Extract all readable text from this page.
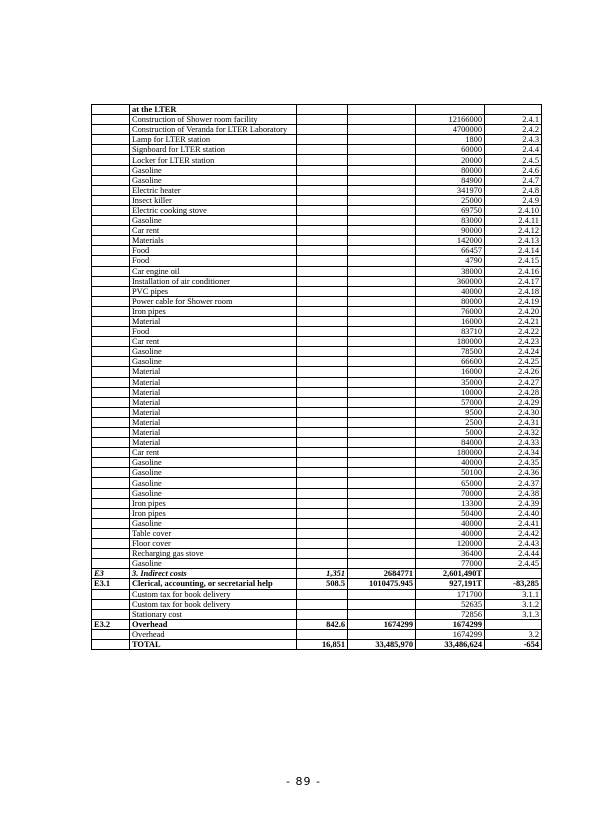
	at the LTER				
	Construction of Shower room facility			12166000	2.4.1
	Construction of Veranda for LTER Laboratory			4700000	2.4.2
	Lamp for LTER station			1800	2.4.3
	Signboard for LTER station			60000	2.4.4
	Locker for LTER station			20000	2.4.5
	Gasoline			80000	2.4.6
	Gasoline			84900	2.4.7
	Electric heater			341970	2.4.8
	Insect killer			25000	2.4.9
	Electric cooking stove			69750	2.4.10
	Gasoline			83000	2.4.11
	Car rent			90000	2.4.12
	Materials			142000	2.4.13
	Food			66457	2.4.14
	Food			4790	2.4.15
	Car engine oil			38000	2.4.16
	Installation of air conditioner			360000	2.4.17
	PVC pipes			40000	2.4.18
	Power cable for Shower room			80000	2.4.19
	Iron pipes			76000	2.4.20
	Material			16000	2.4.21
	Food			83710	2.4.22
	Car rent			180000	2.4.23
	Gasoline			78500	2.4.24
	Gasoline			66600	2.4.25
	Material			16000	2.4.26
	Material			35000	2.4.27
	Material			10000	2.4.28
	Material			57000	2.4.29
	Material			9500	2.4.30
	Material			2500	2.4.31
	Material			5000	2.4.32
	Material			84000	2.4.33
	Car rent			180000	2.4.34
	Gasoline			40000	2.4.35
	Gasoline			50100	2.4.36
	Gasoline			65000	2.4.37
	Gasoline			70000	2.4.38
	Iron pipes			13300	2.4.39
	Iron pipes			50400	2.4.40
	Gasoline			40000	2.4.41
	Table cover			40000	2.4.42
	Floor cover			120000	2.4.43
	Recharging gas stove			36400	2.4.44
	Gasoline			77000	2.4.45
E3	3. Indirect costs	1,351	2684771	2,601,490T	
E3.1	Clerical, accounting, or secretarial help	508.5	1010475.945	927,191T	-83,285
	Custom tax for book delivery			171700	3.1.1
	Custom tax for book delivery			52635	3.1.2
	Stationary cost			72856	3.1.3
E3.2	Overhead	842.6	1674299	1674299	
	Overhead			1674299	3.2
	TOTAL	16,851	33,485,970	33,486,624	-654
- 89 -
